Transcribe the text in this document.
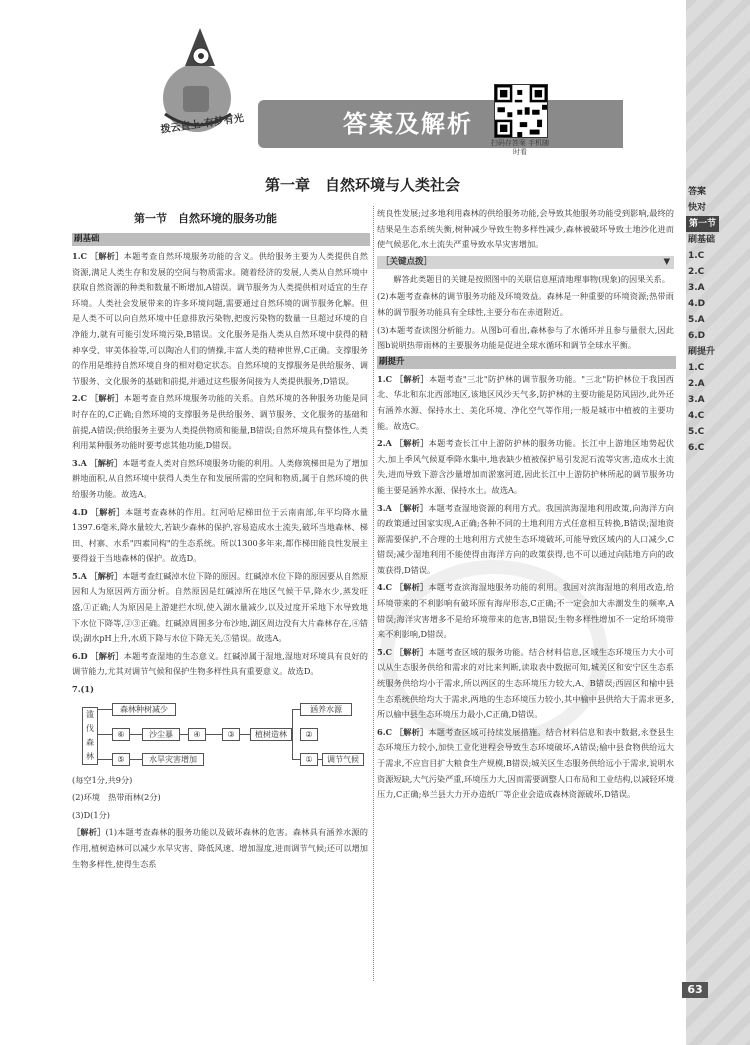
拨云直上·有梦有光	答案及解析
扫码存答案 手机随时看
第一章　自然环境与人类社会
第一节　自然环境的服务功能
刷基础

1.C ［解析］本题考查自然环境服务功能的含义。供给服务主要为人类提供自然资源,满足人类生存和发展的空间与物质需求。随着经济的发展,人类从自然环境中获取自然资源的种类和数量不断增加,A错误。调节服务为人类提供相对适宜的生存环境。人类社会发展带来的许多环境问题,需要通过自然环境的调节服务化解。但是人类不可以向自然环境中任意排放污染物,把废污染物的数量一旦超过环境的自净能力,就有可能引发环境污染,B错误。文化服务是指人类从自然环境中获得的精神享受、审美体验等,可以陶冶人们的情操,丰富人类的精神世界,C正确。支撑服务的作用是维持自然环境自身的相对稳定状态。自然环境的支撑服务是供给服务、调节服务、文化服务的基础和前提,并通过这些服务间接为人类提供服务,D错误。

2.C ［解析］本题考查自然环境服务功能的关系。自然环境的各种服务功能是同时存在的,C正确;自然环境的支撑服务是供给服务、调节服务、文化服务的基础和前提,A错误;供给服务主要为人类提供物质和能量,B错误;自然环境具有整体性,人类利用某种服务功能时要考虑其他功能,D错误。

3.A ［解析］本题考查人类对自然环境服务功能的利用。人类修筑梯田是为了增加耕地面积,从自然环境中获得人类生存和发展所需的空间和物质,属于自然环境的供给服务功能。故选A。

4.D ［解析］本题考查森林的作用。红河哈尼梯田位于云南南部,年平均降水量1397.6毫米,降水量较大,若缺少森林的保护,容易造成水土流失,破坏当地森林、梯田、村寨、水系"四素同构"的生态系统。所以1300多年来,都作梯田能良性发展主要得益于当地森林的保护。故选D。

5.A ［解析］本题考查红碱淖水位下降的原因。红碱淖水位下降的原因要从自然原因和人为原因两方面分析。自然原因是红碱淖所在地区气候干旱,降水少,蒸发旺盛,①正确;人为原因是上游建拦水坝,使入湖水量减少,以及过度开采地下水导致地下水位下降等,②③正确。红碱淖周围多分布沙地,湖区周边没有大片森林存在,④错误;湖水pH上升,水质下降与水位下降无关,⑤错误。故选A。

6.D ［解析］本题考查湿地的生态意义。红碱淖属于湿地,湿地对环境具有良好的调节能力,尤其对调节气候和保护生物多样性具有重要意义。故选D。

7.(1)

滥伐森林
森林种树减少
⑥	沙尘暴
⑤	水旱灾害增加
④	③	植树造林
涵养水源
②
①	调节气候

(每空1分,共9分)

(2)环境　热带雨林(2分)

(3)D(1分)

［解析］(1)本题考查森林的服务功能以及破坏森林的危害。森林具有涵养水源的作用,植树造林可以减少水旱灾害、降低风速、增加湿度,进而调节气候;还可以增加生物多样性,使得生态系

统良性发展;过多地利用森林的供给服务功能,会导致其他服务功能受到影响,最终的结果是生态系统失衡,树种减少导致生物多样性减少,森林被破坏导致土地沙化进而使气候恶化,水土流失严重导致水旱灾害增加。

［关键点拨］	▼

解答此类题目的关键是按照图中的关联信息厘清地理事物(现象)的因果关系。

(2)本题考查森林的调节服务功能及环境效益。森林是一种重要的环境资源;热带雨林的调节服务功能具有全球性,主要分布在赤道附近。

(3)本题考查读图分析能力。从图b可看出,森林参与了水循环并且参与量很大,因此图b说明热带雨林的主要服务功能是促进全球水循环和调节全球水平衡。

刷提升

1.C ［解析］本题考查"三北"防护林的调节服务功能。"三北"防护林位于我国西北、华北和东北西部地区,该地区风沙天气多,防护林的主要功能是防风固沙,此外还有涵养水源、保持水土、美化环境、净化空气等作用;一般是城市中植被的主要功能。故选C。

2.A ［解析］本题考查长江中上游防护林的服务功能。长江中上游地区地势起伏大,加上季风气候夏季降水集中,地表缺少植被保护易引发泥石流等灾害,造成水土流失,进而导致下游含沙量增加而淤塞河道,因此长江中上游防护林所起的调节服务功能主要是涵养水源、保持水土。故选A。

3.A ［解析］本题考查湿地资源的利用方式。我国滨海湿地利用政策,向海洋方向的政策通过国家实现,A正确;各种不同的土地利用方式任意相互转换,B错误;湿地资源需要保护,不合理的土地利用方式使生态环境破坏,可能导致区域内的人口减少,C错误;减少湿地利用不能使得由海洋方向的政策获得,也不可以通过向陆地方向的政策获得,D错误。

4.C ［解析］本题考查滨海湿地服务功能的利用。我国对滨海湿地的利用改造,给环境带来的不利影响有破坏原有海岸形态,C正确;不一定会加大赤潮发生的频率,A错误;海洋灾害增多不是给环境带来的危害,B错误;生物多样性增加不一定给环境带来不利影响,D错误。

5.C ［解析］本题考查区域的服务功能。结合材料信息,区域生态环境压力大小可以从生态服务供给和需求的对比来判断,读取表中数据可知,城关区和安宁区生态系统服务供给均小于需求,所以两区的生态环境压力较大,A、B错误;西固区和榆中县生态系统供给均大于需求,两地的生态环境压力较小,其中榆中县供给大于需求更多,所以榆中县生态环境压力最小,C正确,D错误。

6.C ［解析］本题考查区域可持续发展措施。结合材料信息和表中数据,永登县生态环境压力较小,加快工业化进程会导致生态环境破坏,A错误;榆中县食物供给远大于需求,不应盲目扩大粮食生产规模,B错误;城关区生态服务供给远小于需求,说明水资源短缺,大气污染严重,环境压力大,因而需要调整人口布局和工业结构,以减轻环境压力,C正确;皋兰县大力开办造纸厂等企业会造成森林资源破坏,D错误。

答案
快对
第一节
刷基础
1.C
2.C
3.A
4.D
5.A
6.D
刷提升
1.C
2.A
3.A
4.C
5.C
6.C
63
